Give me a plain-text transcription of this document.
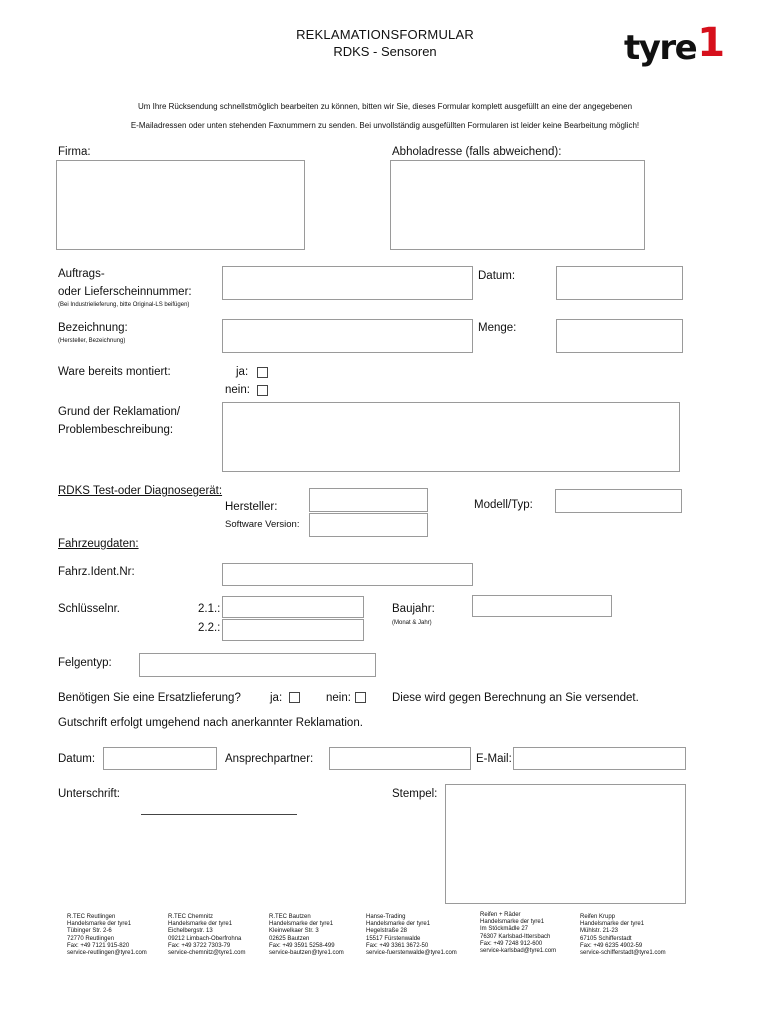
REKLAMATIONSFORMULAR
RDKS - Sensoren	tyre1
Um Ihre Rücksendung schnellstmöglich bearbeiten zu können, bitten wir Sie, dieses Formular komplett ausgefüllt an eine der angegebenen
E-Mailadressen oder unten stehenden Faxnummern zu senden. Bei unvollständig ausgefüllten Formularen ist leider keine Bearbeitung möglich!
Firma:	Abholadresse (falls abweichend):
Auftrags-
oder Lieferscheinnummer:
(Bei Industrielieferung, bitte Original-LS beifügen)
Datum:
Bezeichnung:
(Hersteller, Bezeichnung)
Menge:
Ware bereits montiert:	ja:
nein:
Grund der Reklamation/
Problembeschreibung:
RDKS Test-oder Diagnosegerät:
Hersteller:	Modell/Typ:
Software Version:
Fahrzeugdaten:
Fahrz.Ident.Nr:
Schlüsselnr.	2.1.:
2.2.:
Baujahr:
(Monat & Jahr)
Felgentyp:
Benötigen Sie eine Ersatzlieferung?	ja:	nein:	Diese wird gegen Berechnung an Sie versendet.
Gutschrift erfolgt umgehend nach anerkannter Reklamation.
Datum:	Ansprechpartner:	E-Mail:
Unterschrift:	Stempel:
R.TEC Reutlingen
Handelsmarke der tyre1
Tübinger Str. 2-6
72770 Reutlingen
Fax: +49 7121 915-820
service-reutlingen@tyre1.com
R.TEC Chemnitz
Handelsmarke der tyre1
Eichelbergstr. 13
09212 Limbach-Oberfrohna
Fax: +49 3722 7303-79
service-chemnitz@tyre1.com
R.TEC Bautzen
Handelsmarke der tyre1
Kleinwelkaer Str. 3
02625 Bautzen
Fax: +49 3591 5258-499
service-bautzen@tyre1.com
Hanse-Trading
Handelsmarke der tyre1
Hegelstraße 28
15517 Fürstenwalde
Fax: +49 3361 3672-50
service-fuerstenwalde@tyre1.com
Reifen + Räder
Handelsmarke der tyre1
Im Stöckmädle 27
76307 Karlsbad-Ittersbach
Fax: +49 7248 912-600
service-karlsbad@tyre1.com
Reifen Krupp
Handelsmarke der tyre1
Mühlstr. 21-23
67105 Schifferstadt
Fax: +49 6235 4902-59
service-schifferstadt@tyre1.com
